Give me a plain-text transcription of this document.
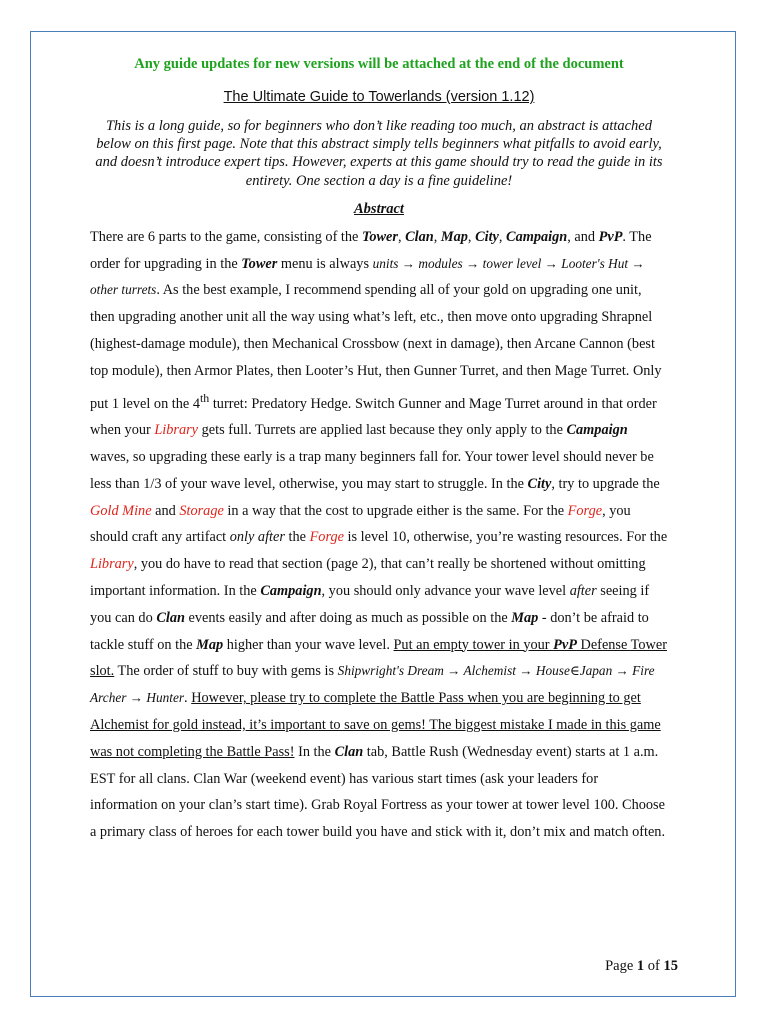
Any guide updates for new versions will be attached at the end of the document

The Ultimate Guide to Towerlands (version 1.12)

This is a long guide, so for beginners who don’t like reading too much, an abstract is attached below on this first page. Note that this abstract simply tells beginners what pitfalls to avoid early, and doesn’t introduce expert tips. However, experts at this game should try to read the guide in its entirety. One section a day is a fine guideline!

Abstract

There are 6 parts to the game, consisting of the Tower, Clan, Map, City, Campaign, and PvP. The order for upgrading in the Tower menu is always units → modules → tower level → Looter's Hut → other turrets. As the best example, I recommend spending all of your gold on upgrading one unit, then upgrading another unit all the way using what’s left, etc., then move onto upgrading Shrapnel (highest-damage module), then Mechanical Crossbow (next in damage), then Arcane Cannon (best top module), then Armor Plates, then Looter’s Hut, then Gunner Turret, and then Mage Turret. Only put 1 level on the 4th turret: Predatory Hedge. Switch Gunner and Mage Turret around in that order when your Library gets full. Turrets are applied last because they only apply to the Campaign waves, so upgrading these early is a trap many beginners fall for. Your tower level should never be less than 1/3 of your wave level, otherwise, you may start to struggle. In the City, try to upgrade the Gold Mine and Storage in a way that the cost to upgrade either is the same. For the Forge, you should craft any artifact only after the Forge is level 10, otherwise, you’re wasting resources. For the Library, you do have to read that section (page 2), that can’t really be shortened without omitting important information. In the Campaign, you should only advance your wave level after seeing if you can do Clan events easily and after doing as much as possible on the Map - don’t be afraid to tackle stuff on the Map higher than your wave level. Put an empty tower in your PvP Defense Tower slot. The order of stuff to buy with gems is Shipwright's Dream → Alchemist → House∈Japan → Fire Archer → Hunter. However, please try to complete the Battle Pass when you are beginning to get Alchemist for gold instead, it’s important to save on gems! The biggest mistake I made in this game was not completing the Battle Pass! In the Clan tab, Battle Rush (Wednesday event) starts at 1 a.m. EST for all clans. Clan War (weekend event) has various start times (ask your leaders for information on your clan’s start time). Grab Royal Fortress as your tower at tower level 100. Choose a primary class of heroes for each tower build you have and stick with it, don’t mix and match often.

Page 1 of 15
